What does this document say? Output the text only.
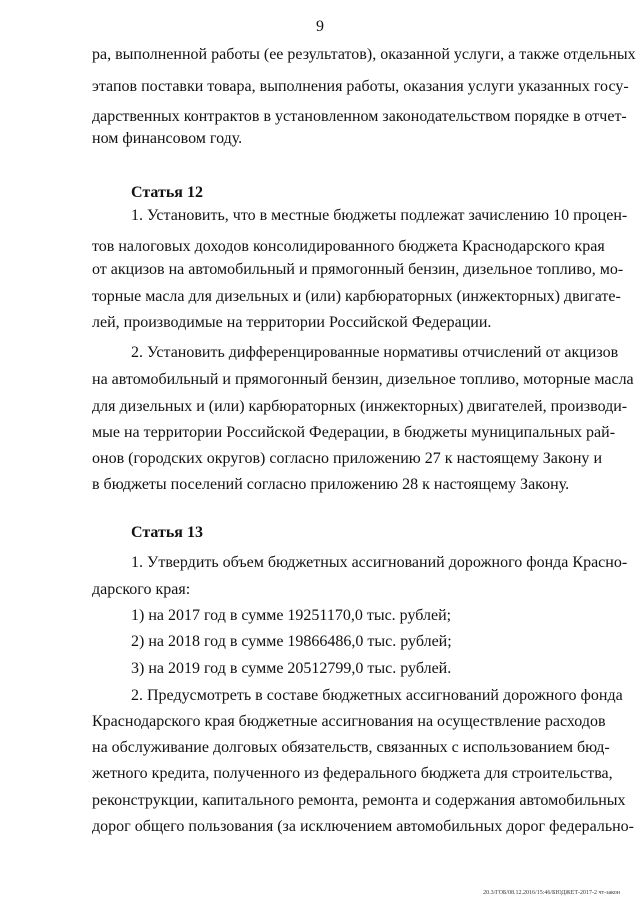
9
ра, выполненной работы (ее результатов), оказанной услуги, а также отдельных
этапов поставки товара, выполнения работы, оказания услуги указанных госу-
дарственных контрактов в установленном законодательством порядке в отчет-
ном финансовом году.
Статья 12
1. Установить, что в местные бюджеты подлежат зачислению 10 процен-
тов налоговых доходов консолидированного бюджета Краснодарского края
от акцизов на автомобильный и прямогонный бензин, дизельное топливо, мо-
торные масла для дизельных и (или) карбюраторных (инжекторных) двигате-
лей, производимые на территории Российской Федерации.
2. Установить дифференцированные нормативы отчислений от акцизов
на автомобильный и прямогонный бензин, дизельное топливо, моторные масла
для дизельных и (или) карбюраторных (инжекторных) двигателей, производи-
мые на территории Российской Федерации, в бюджеты муниципальных рай-
онов (городских округов) согласно приложению 27 к настоящему Закону и
в бюджеты поселений согласно приложению 28 к настоящему Закону.
Статья 13
1. Утвердить объем бюджетных ассигнований дорожного фонда Красно-
дарского края:
1) на 2017 год в сумме 19251170,0 тыс. рублей;
2) на 2018 год в сумме 19866486,0 тыс. рублей;
3) на 2019 год в сумме 20512799,0 тыс. рублей.
2. Предусмотреть в составе бюджетных ассигнований дорожного фонда
Краснодарского края бюджетные ассигнования на осуществление расходов
на обслуживание долговых обязательств, связанных с использованием бюд-
жетного кредита, полученного из федерального бюджета для строительства,
реконструкции, капитального ремонта, ремонта и содержания автомобильных
дорог общего пользования (за исключением автомобильных дорог федерально-
20.3/ГОБ/08.12.2016/15:46/БЮДЖЕТ-2017-2 чт-закон
